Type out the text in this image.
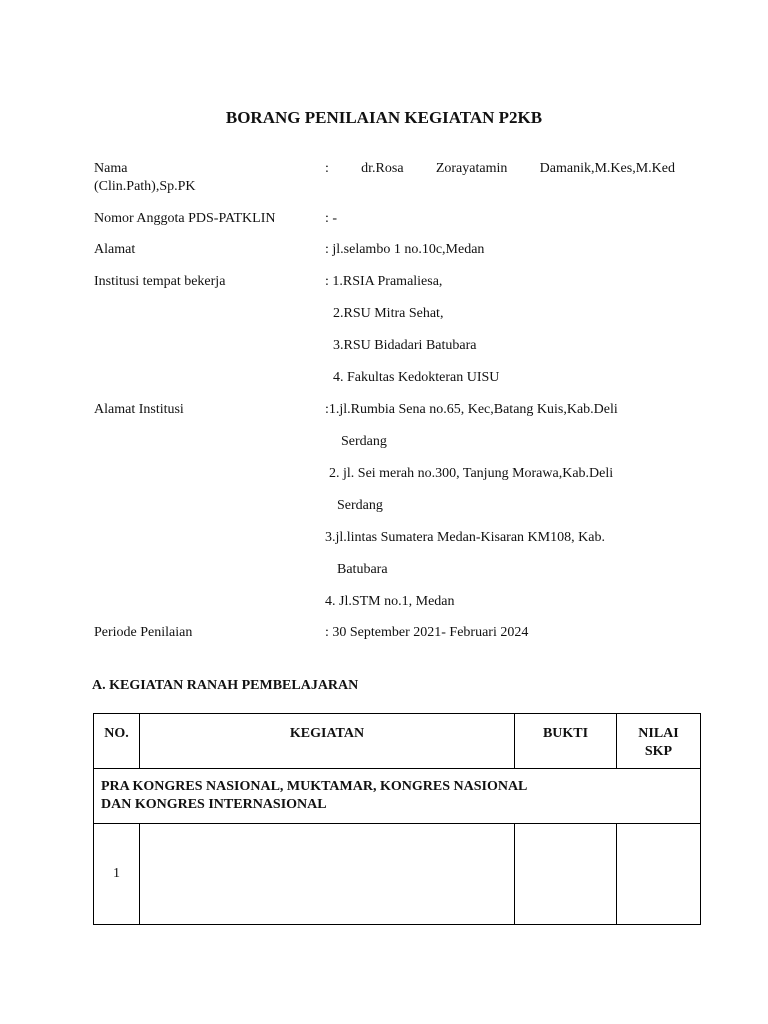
BORANG PENILAIAN KEGIATAN P2KB
Nama	: dr.Rosa Zorayatamin Damanik,M.Kes,M.Ked
(Clin.Path),Sp.PK
Nomor Anggota PDS-PATKLIN	: -
Alamat	: jl.selambo 1 no.10c,Medan
Institusi tempat bekerja	: 1.RSIA Pramaliesa,
2.RSU Mitra Sehat,
3.RSU Bidadari Batubara
4. Fakultas Kedokteran UISU
Alamat Institusi	:1.jl.Rumbia Sena no.65, Kec,Batang Kuis,Kab.Deli
Serdang
2. jl. Sei merah no.300, Tanjung Morawa,Kab.Deli
Serdang
3.jl.lintas Sumatera Medan-Kisaran KM108, Kab.
Batubara
4. Jl.STM no.1, Medan
Periode Penilaian	: 30 September 2021- Februari 2024
A. KEGIATAN RANAH PEMBELAJARAN
NO.	KEGIATAN	BUKTI	NILAI
SKP

PRA KONGRES NASIONAL, MUKTAMAR, KONGRES NASIONAL
DAN KONGRES INTERNASIONAL			
1			
